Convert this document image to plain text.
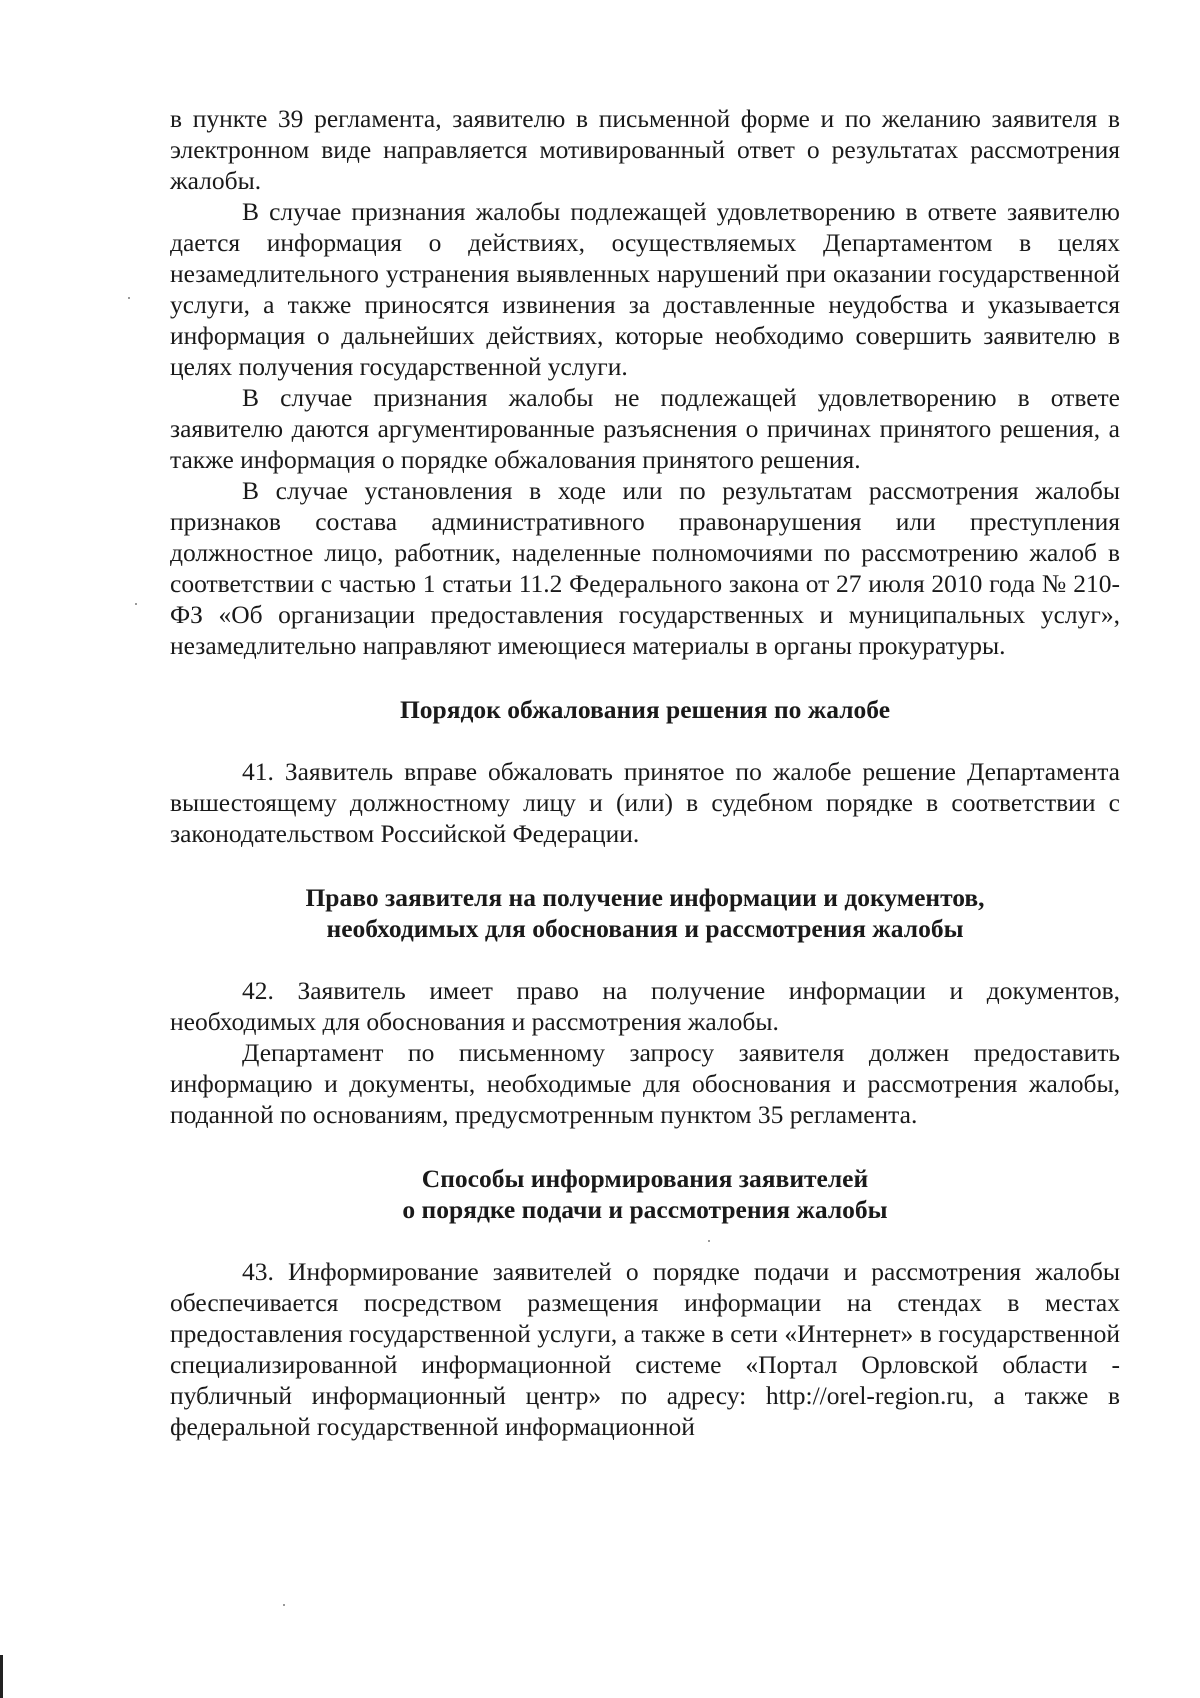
в пункте 39 регламента, заявителю в письменной форме и по желанию заявителя в электронном виде направляется мотивированный ответ о результатах рассмотрения жалобы.

В случае признания жалобы подлежащей удовлетворению в ответе заявителю дается информация о действиях, осуществляемых Департаментом в целях незамедлительного устранения выявленных нарушений при оказании государственной услуги, а также приносятся извинения за доставленные неудобства и указывается информация о дальнейших действиях, которые необходимо совершить заявителю в целях получения государственной услуги.

В случае признания жалобы не подлежащей удовлетворению в ответе заявителю даются аргументированные разъяснения о причинах принятого решения, а также информация о порядке обжалования принятого решения.

В случае установления в ходе или по результатам рассмотрения жалобы признаков состава административного правонарушения или преступления должностное лицо, работник, наделенные полномочиями по рассмотрению жалоб в соответствии с частью 1 статьи 11.2 Федерального закона от 27 июля 2010 года № 210-ФЗ «Об организации предоставления государственных и муниципальных услуг», незамедлительно направляют имеющиеся материалы в органы прокуратуры.

Порядок обжалования решения по жалобе

41. Заявитель вправе обжаловать принятое по жалобе решение Департамента вышестоящему должностному лицу и (или) в судебном порядке в соответствии с законодательством Российской Федерации.

Право заявителя на получение информации и документов,
необходимых для обоснования и рассмотрения жалобы

42. Заявитель имеет право на получение информации и документов, необходимых для обоснования и рассмотрения жалобы.

Департамент по письменному запросу заявителя должен предоставить информацию и документы, необходимые для обоснования и рассмотрения жалобы, поданной по основаниям, предусмотренным пунктом 35 регламента.

Способы информирования заявителей
о порядке подачи и рассмотрения жалобы

43. Информирование заявителей о порядке подачи и рассмотрения жалобы обеспечивается посредством размещения информации на стендах в местах предоставления государственной услуги, а также в сети «Интернет» в государственной специализированной информационной системе «Портал Орловской области - публичный информационный центр» по адресу: http://orel-region.ru, а также в федеральной государственной информационной
